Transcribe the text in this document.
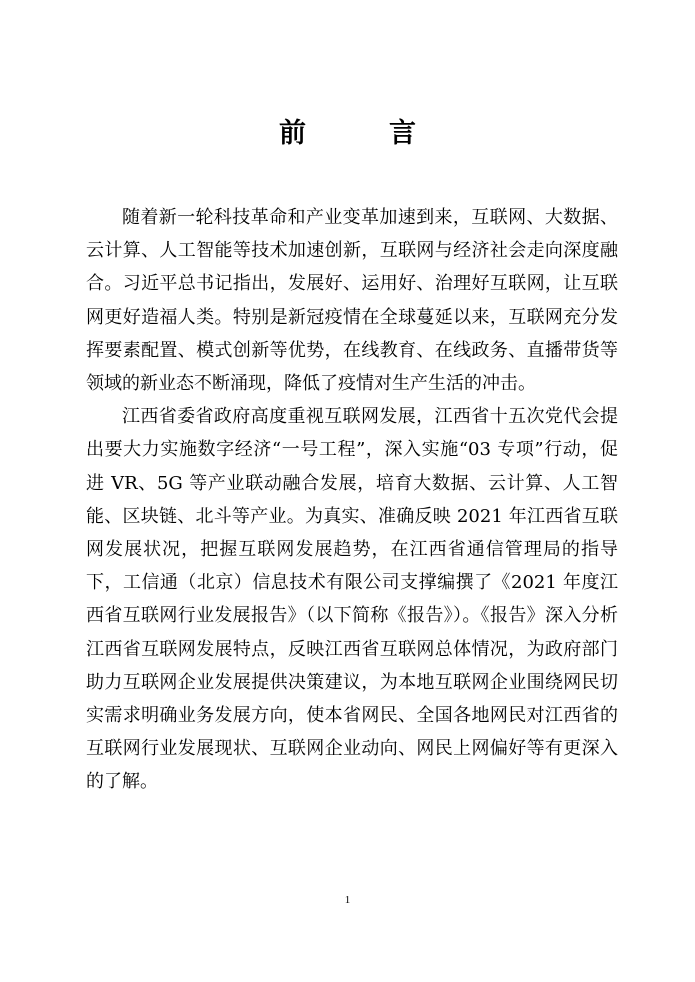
前　言

随着新一轮科技革命和产业变革加速到来，互联网、大数据、云计算、人工智能等技术加速创新，互联网与经济社会走向深度融合。习近平总书记指出，发展好、运用好、治理好互联网，让互联网更好造福人类。特别是新冠疫情在全球蔓延以来，互联网充分发挥要素配置、模式创新等优势，在线教育、在线政务、直播带货等领域的新业态不断涌现，降低了疫情对生产生活的冲击。

江西省委省政府高度重视互联网发展，江西省十五次党代会提出要大力实施数字经济“一号工程”，深入实施“03 专项”行动，促进 VR、5G 等产业联动融合发展，培育大数据、云计算、人工智能、区块链、北斗等产业。为真实、准确反映 2021 年江西省互联网发展状况，把握互联网发展趋势，在江西省通信管理局的指导下，工信通（北京）信息技术有限公司支撑编撰了《2021 年度江西省互联网行业发展报告》（以下简称《报告》）。《报告》深入分析江西省互联网发展特点，反映江西省互联网总体情况，为政府部门助力互联网企业发展提供决策建议，为本地互联网企业围绕网民切实需求明确业务发展方向，使本省网民、全国各地网民对江西省的互联网行业发展现状、互联网企业动向、网民上网偏好等有更深入的了解。

1
